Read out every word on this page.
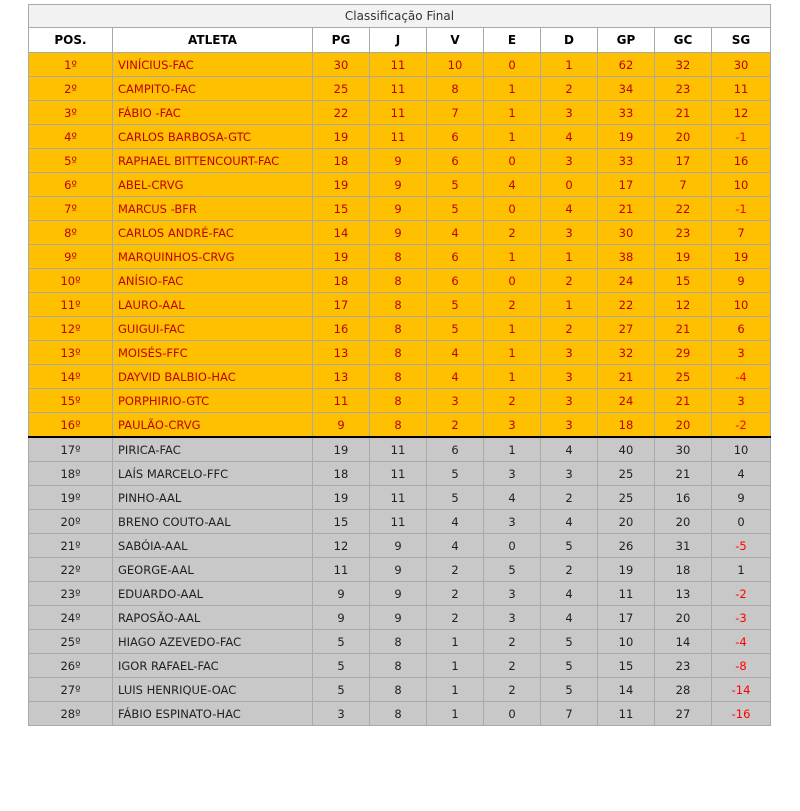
Classificação Final									
POS.	ATLETA	PG	J	V	E	D	GP	GC	SG
1º	VINÍCIUS-FAC	30	11	10	0	1	62	32	30
2º	CAMPITO-FAC	25	11	8	1	2	34	23	11
3º	FÁBIO -FAC	22	11	7	1	3	33	21	12
4º	CARLOS BARBOSA-GTC	19	11	6	1	4	19	20	-1
5º	RAPHAEL BITTENCOURT-FAC	18	9	6	0	3	33	17	16
6º	ABEL-CRVG	19	9	5	4	0	17	7	10
7º	MARCUS -BFR	15	9	5	0	4	21	22	-1
8º	CARLOS ANDRÉ-FAC	14	9	4	2	3	30	23	7
9º	MARQUINHOS-CRVG	19	8	6	1	1	38	19	19
10º	ANÍSIO-FAC	18	8	6	0	2	24	15	9
11º	LAURO-AAL	17	8	5	2	1	22	12	10
12º	GUIGUI-FAC	16	8	5	1	2	27	21	6
13º	MOISÉS-FFC	13	8	4	1	3	32	29	3
14º	DAYVID BALBIO-HAC	13	8	4	1	3	21	25	-4
15º	PORPHIRIO-GTC	11	8	3	2	3	24	21	3
16º	PAULÃO-CRVG	9	8	2	3	3	18	20	-2
17º	PIRICA-FAC	19	11	6	1	4	40	30	10
18º	LAÍS MARCELO-FFC	18	11	5	3	3	25	21	4
19º	PINHO-AAL	19	11	5	4	2	25	16	9
20º	BRENO COUTO-AAL	15	11	4	3	4	20	20	0
21º	SABÓIA-AAL	12	9	4	0	5	26	31	-5
22º	GEORGE-AAL	11	9	2	5	2	19	18	1
23º	EDUARDO-AAL	9	9	2	3	4	11	13	-2
24º	RAPOSÃO-AAL	9	9	2	3	4	17	20	-3
25º	HIAGO AZEVEDO-FAC	5	8	1	2	5	10	14	-4
26º	IGOR RAFAEL-FAC	5	8	1	2	5	15	23	-8
27º	LUIS HENRIQUE-OAC	5	8	1	2	5	14	28	-14
28º	FÁBIO ESPINATO-HAC	3	8	1	0	7	11	27	-16
